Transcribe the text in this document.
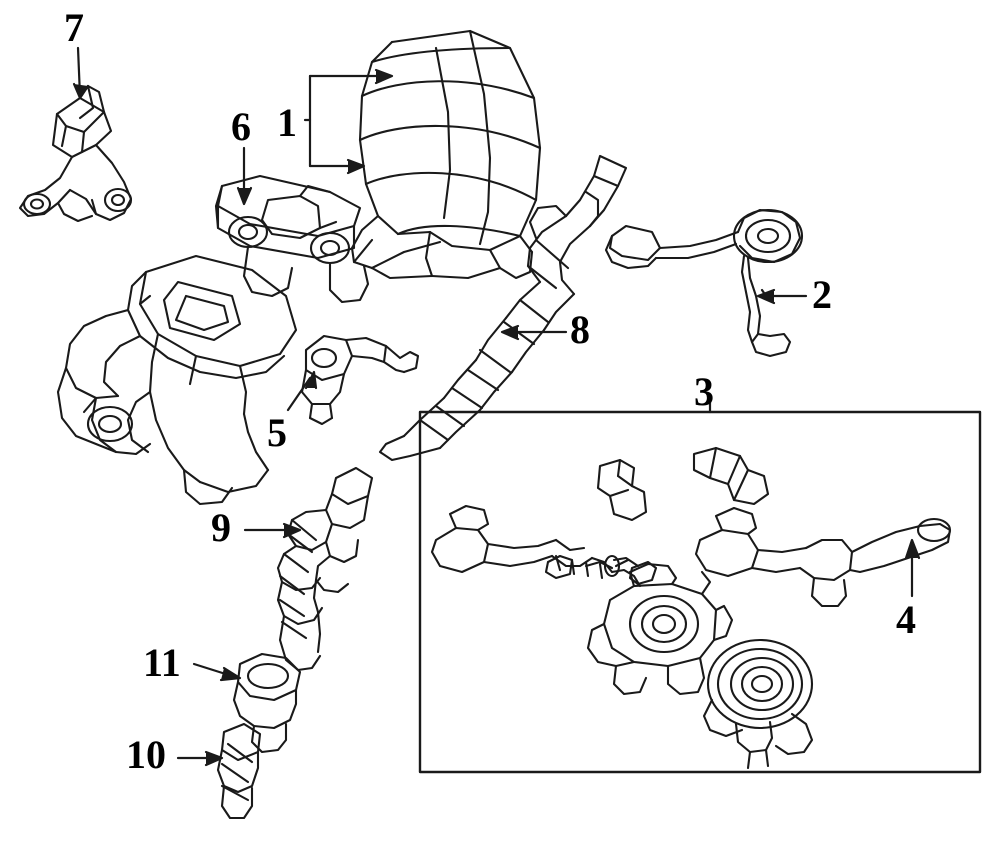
7
6 1
2
8
3
5
9
4
11
10
